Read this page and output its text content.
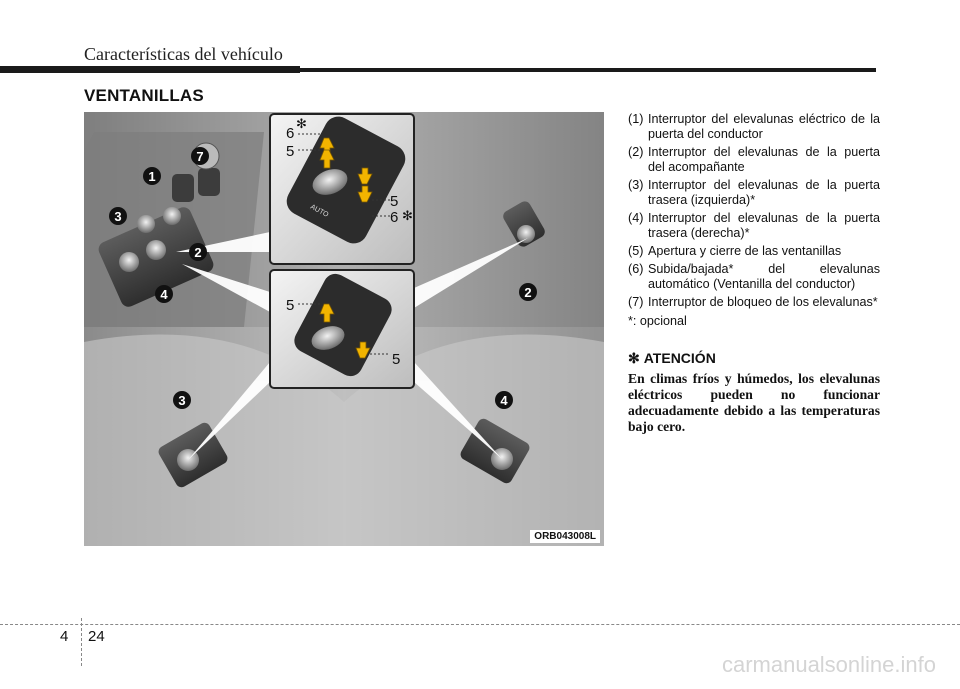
Características del vehículo
VENTANILLAS
AUTO
6
5
5
6
✻
✻
5
5
1
2
3
4
7
3	4
2
ORB043008L
(1) Interruptor del elevalunas eléctrico de la puerta del conductor
(2) Interruptor del elevalunas de la puerta del acompañante
(3) Interruptor del elevalunas de la puerta trasera (izquierda)*
(4) Interruptor del elevalunas de la puerta trasera (derecha)*
(5) Apertura y cierre de las ventanillas
(6) Subida/bajada* del elevalunas automático (Ventanilla del conductor)
(7) Interruptor de bloqueo de los elevalunas*
*: opcional
✻ ATENCIÓN
En climas fríos y húmedos, los elevalunas eléctricos pueden no funcionar adecuadamente debido a las temperaturas bajo cero.
4 24
carmanualsonline.info
